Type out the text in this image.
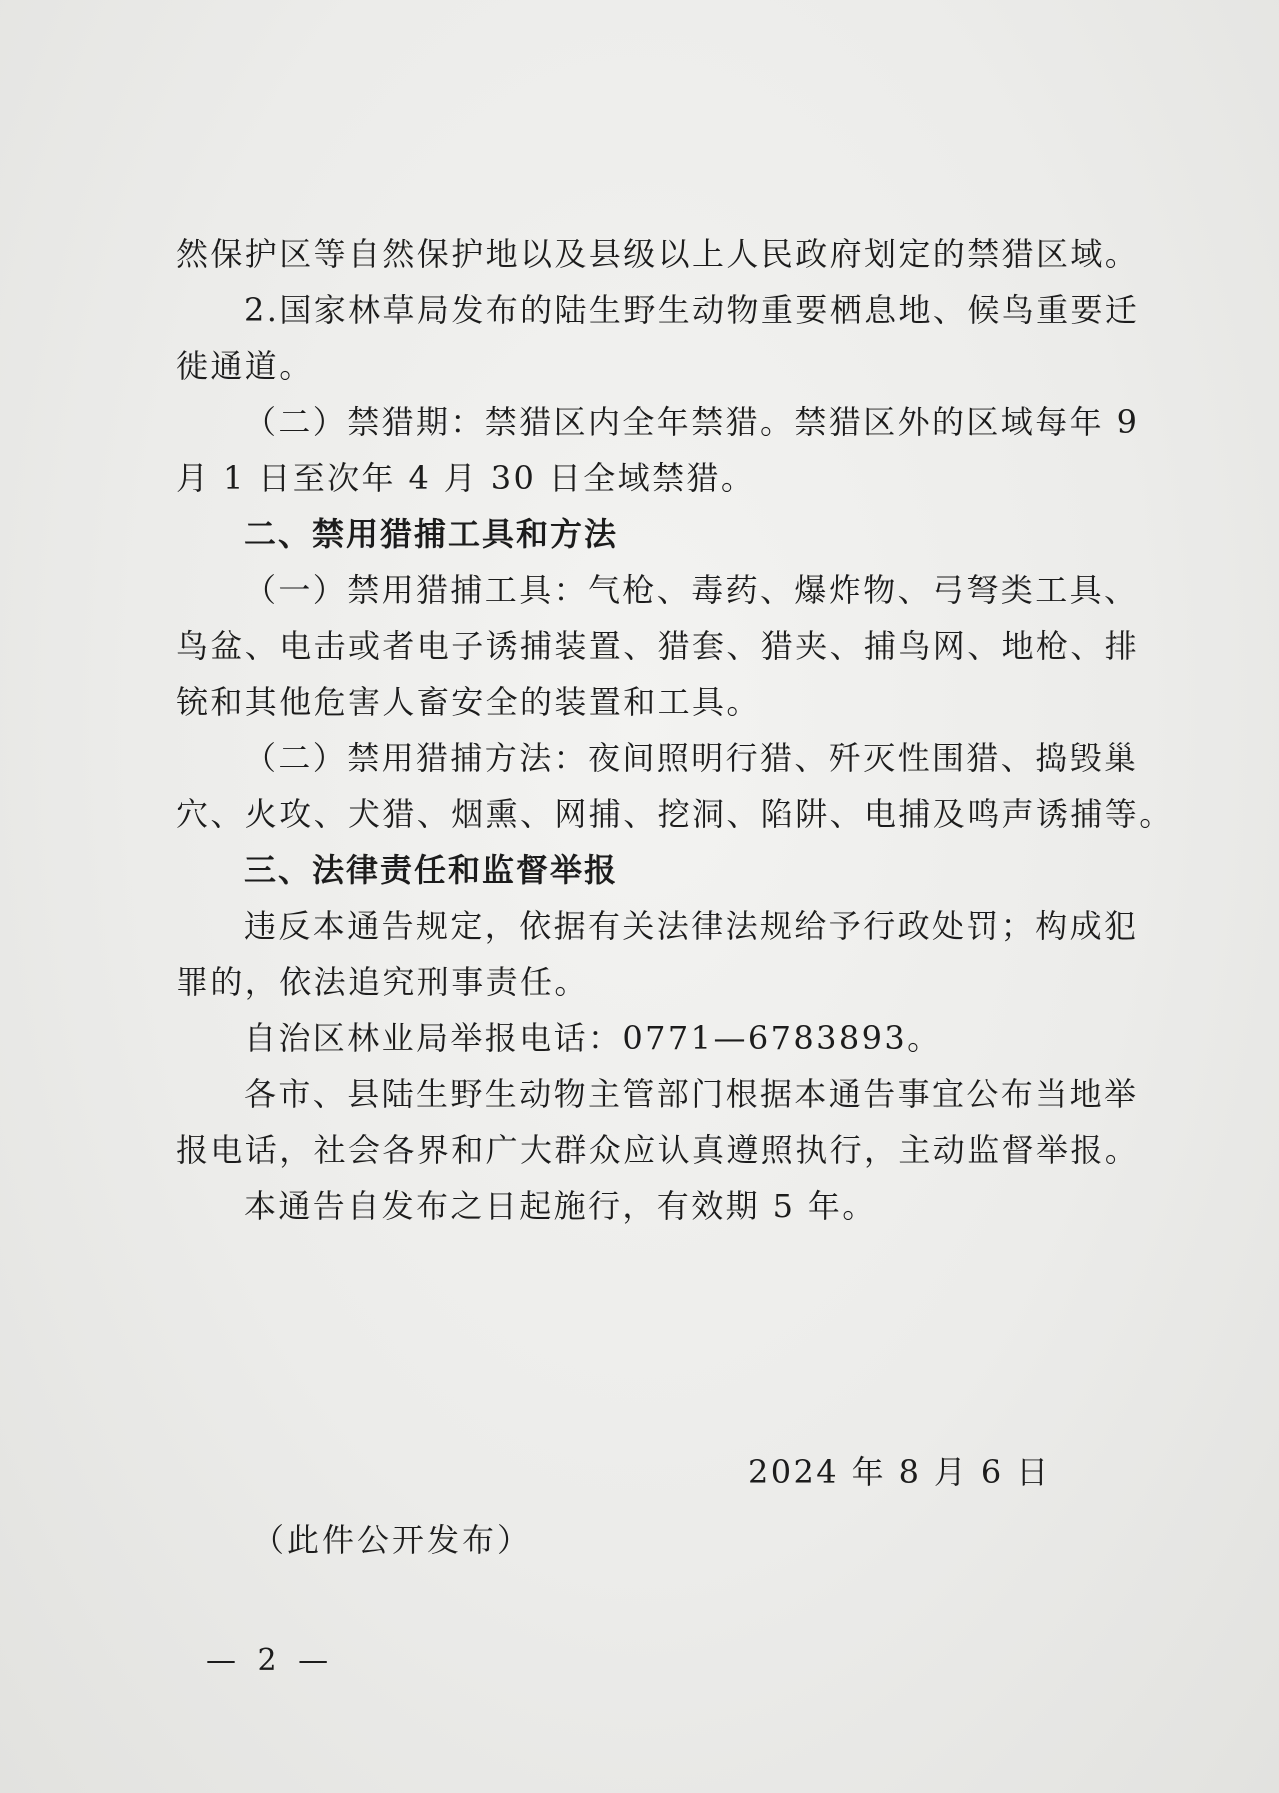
然保护区等自然保护地以及县级以上人民政府划定的禁猎区域。
2.国家林草局发布的陆生野生动物重要栖息地、候鸟重要迁
徙通道。
（二）禁猎期：禁猎区内全年禁猎。禁猎区外的区域每年 9
月 1 日至次年 4 月 30 日全域禁猎。
二、禁用猎捕工具和方法
（一）禁用猎捕工具：气枪、毒药、爆炸物、弓弩类工具、
鸟盆、电击或者电子诱捕装置、猎套、猎夹、捕鸟网、地枪、排
铳和其他危害人畜安全的装置和工具。
（二）禁用猎捕方法：夜间照明行猎、歼灭性围猎、捣毁巢
穴、火攻、犬猎、烟熏、网捕、挖洞、陷阱、电捕及鸣声诱捕等。
三、法律责任和监督举报
违反本通告规定，依据有关法律法规给予行政处罚；构成犯
罪的，依法追究刑事责任。
自治区林业局举报电话：0771—6783893。
各市、县陆生野生动物主管部门根据本通告事宜公布当地举
报电话，社会各界和广大群众应认真遵照执行，主动监督举报。
本通告自发布之日起施行，有效期 5 年。
2024 年 8 月 6 日
（此件公开发布）
— 2 —
